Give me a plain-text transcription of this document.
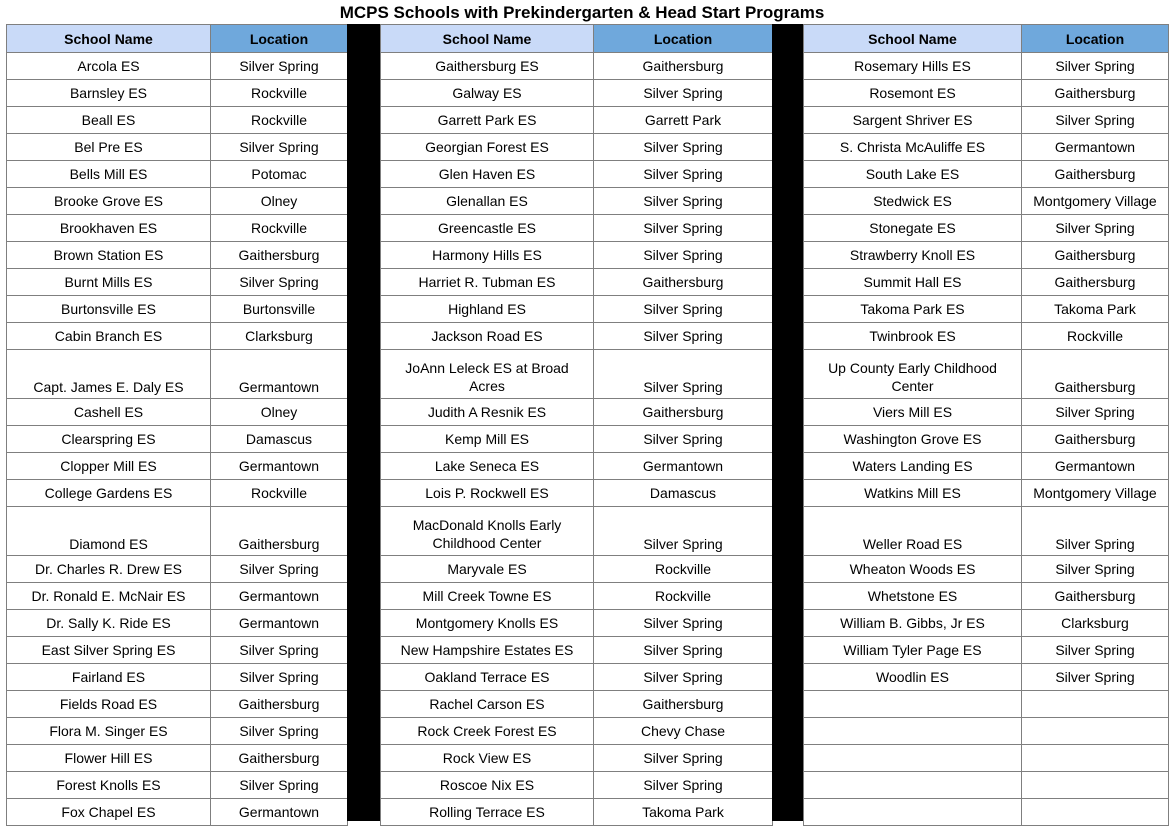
MCPS Schools with Prekindergarten & Head Start Programs
School Name	Location
Arcola ES	Silver Spring
Barnsley ES	Rockville
Beall ES	Rockville
Bel Pre ES	Silver Spring
Bells Mill ES	Potomac
Brooke Grove ES	Olney
Brookhaven ES	Rockville
Brown Station ES	Gaithersburg
Burnt Mills ES	Silver Spring
Burtonsville ES	Burtonsville
Cabin Branch ES	Clarksburg
Capt. James E. Daly ES	Germantown
Cashell ES	Olney
Clearspring ES	Damascus
Clopper Mill ES	Germantown
College Gardens ES	Rockville
Diamond ES	Gaithersburg
Dr. Charles R. Drew ES	Silver Spring
Dr. Ronald E. McNair ES	Germantown
Dr. Sally K. Ride ES	Germantown
East Silver Spring ES	Silver Spring
Fairland ES	Silver Spring
Fields Road ES	Gaithersburg
Flora M. Singer ES	Silver Spring
Flower Hill ES	Gaithersburg
Forest Knolls ES	Silver Spring
Fox Chapel ES	Germantown
School Name	Location
Gaithersburg ES	Gaithersburg
Galway ES	Silver Spring
Garrett Park ES	Garrett Park
Georgian Forest ES	Silver Spring
Glen Haven ES	Silver Spring
Glenallan ES	Silver Spring
Greencastle ES	Silver Spring
Harmony Hills ES	Silver Spring
Harriet R. Tubman ES	Gaithersburg
Highland ES	Silver Spring
Jackson Road ES	Silver Spring

JoAnn Leleck ES at Broad
Acres	Silver Spring
Judith A Resnik ES	Gaithersburg
Kemp Mill ES	Silver Spring
Lake Seneca ES	Germantown
Lois P. Rockwell ES	Damascus

MacDonald Knolls Early
Childhood Center	Silver Spring
Maryvale ES	Rockville
Mill Creek Towne ES	Rockville
Montgomery Knolls ES	Silver Spring
New Hampshire Estates ES	Silver Spring
Oakland Terrace ES	Silver Spring
Rachel Carson ES	Gaithersburg
Rock Creek Forest ES	Chevy Chase
Rock View ES	Silver Spring
Roscoe Nix ES	Silver Spring
Rolling Terrace ES	Takoma Park
School Name	Location
Rosemary Hills ES	Silver Spring
Rosemont ES	Gaithersburg
Sargent Shriver ES	Silver Spring
S. Christa McAuliffe ES	Germantown
South Lake ES	Gaithersburg
Stedwick ES	Montgomery Village
Stonegate ES	Silver Spring
Strawberry Knoll ES	Gaithersburg
Summit Hall ES	Gaithersburg
Takoma Park ES	Takoma Park
Twinbrook ES	Rockville

Up County Early Childhood
Center	Gaithersburg
Viers Mill ES	Silver Spring
Washington Grove ES	Gaithersburg
Waters Landing ES	Germantown
Watkins Mill ES	Montgomery Village
Weller Road ES	Silver Spring
Wheaton Woods ES	Silver Spring
Whetstone ES	Gaithersburg
William B. Gibbs, Jr ES	Clarksburg
William Tyler Page ES	Silver Spring
Woodlin ES	Silver Spring
